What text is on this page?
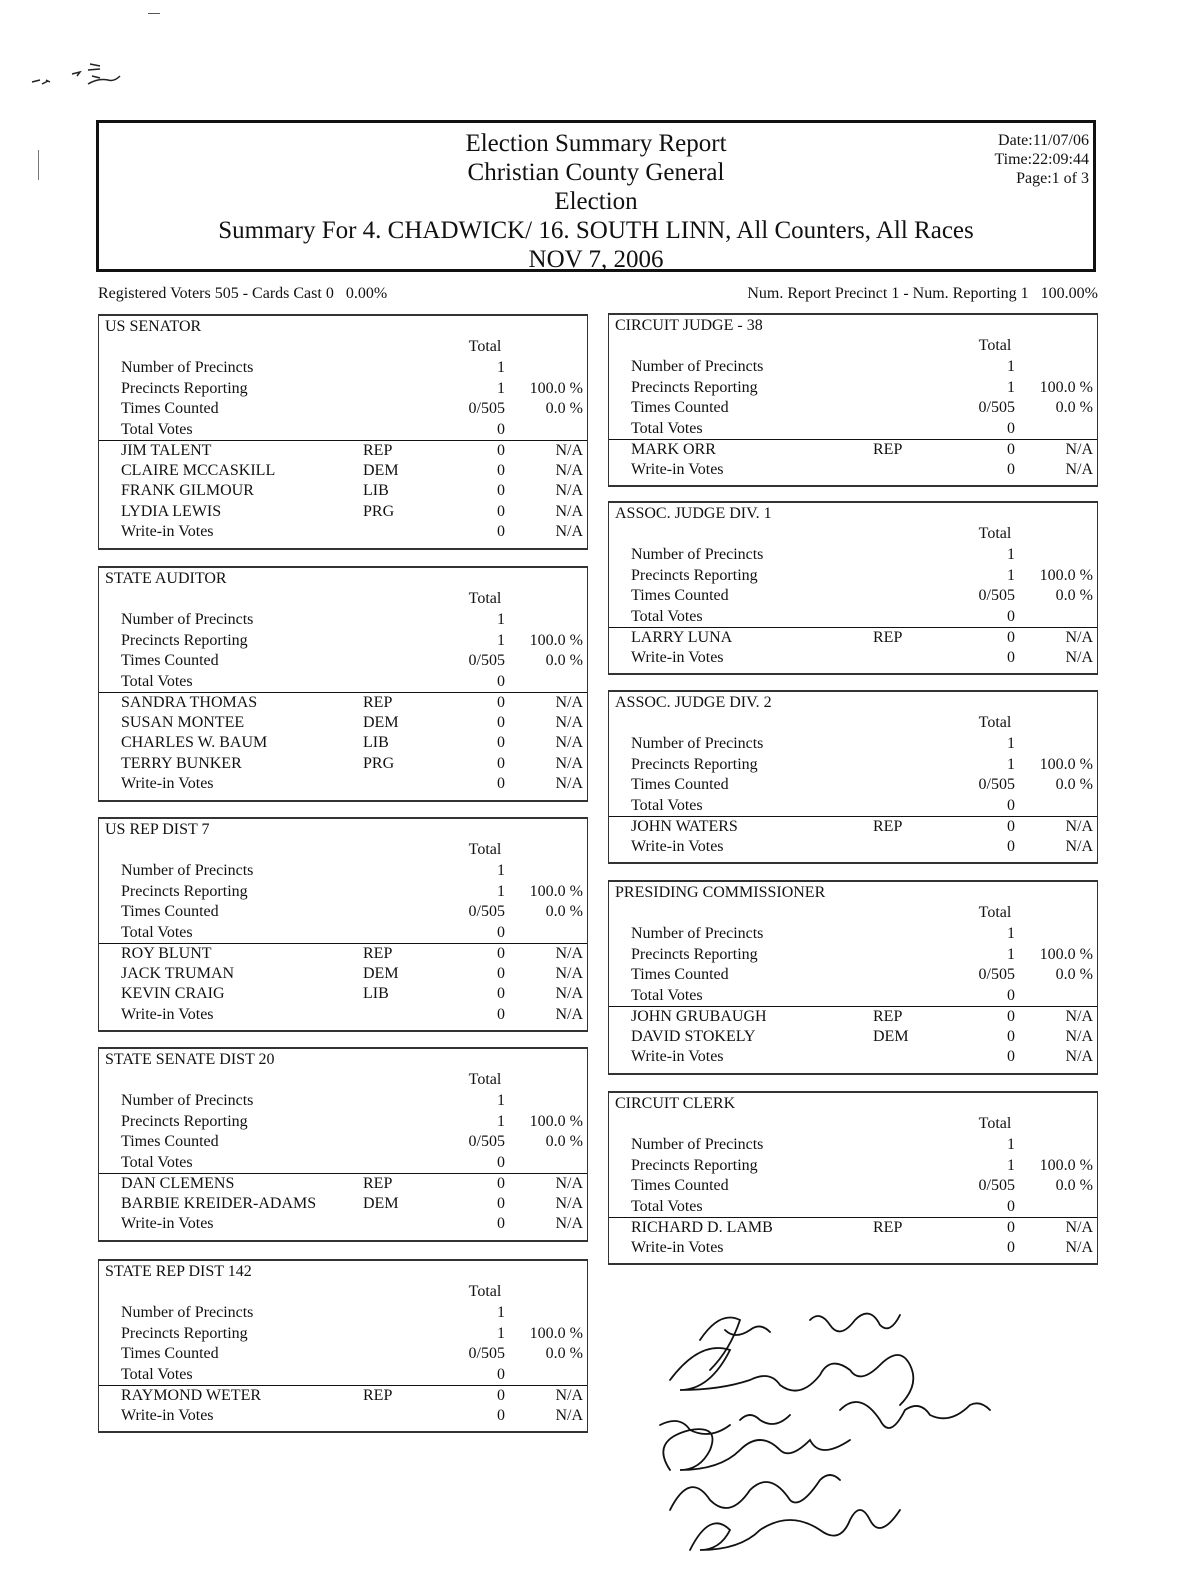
Election Summary Report
Christian County General
Election
Summary For 4. CHADWICK/ 16. SOUTH LINN, All Counters, All Races
NOV 7, 2006
Date:11/07/06
Time:22:09:44
Page:1 of 3
Registered Voters 505 - Cards Cast 0   0.00%	Num. Report Precinct 1 - Num. Reporting 1   100.00%
US SENATOR
Total
Number of Precincts	1
Precincts Reporting	1	100.0 %
Times Counted	0/505	0.0 %
Total Votes	0
JIM TALENT	REP	0	N/A
CLAIRE MCCASKILL	DEM	0	N/A
FRANK GILMOUR	LIB	0	N/A
LYDIA LEWIS	PRG	0	N/A
Write-in Votes	0	N/A
STATE AUDITOR
Total
Number of Precincts	1
Precincts Reporting	1	100.0 %
Times Counted	0/505	0.0 %
Total Votes	0
SANDRA THOMAS	REP	0	N/A
SUSAN MONTEE	DEM	0	N/A
CHARLES W. BAUM	LIB	0	N/A
TERRY BUNKER	PRG	0	N/A
Write-in Votes	0	N/A
US REP DIST 7
Total
Number of Precincts	1
Precincts Reporting	1	100.0 %
Times Counted	0/505	0.0 %
Total Votes	0
ROY BLUNT	REP	0	N/A
JACK TRUMAN	DEM	0	N/A
KEVIN CRAIG	LIB	0	N/A
Write-in Votes	0	N/A
STATE SENATE DIST 20
Total
Number of Precincts	1
Precincts Reporting	1	100.0 %
Times Counted	0/505	0.0 %
Total Votes	0
DAN CLEMENS	REP	0	N/A
BARBIE KREIDER-ADAMS	DEM	0	N/A
Write-in Votes	0	N/A
STATE REP DIST 142
Total
Number of Precincts	1
Precincts Reporting	1	100.0 %
Times Counted	0/505	0.0 %
Total Votes	0
RAYMOND WETER	REP	0	N/A
Write-in Votes	0	N/A
CIRCUIT JUDGE - 38
Total
Number of Precincts	1
Precincts Reporting	1	100.0 %
Times Counted	0/505	0.0 %
Total Votes	0
MARK ORR	REP	0	N/A
Write-in Votes	0	N/A
ASSOC. JUDGE DIV. 1
Total
Number of Precincts	1
Precincts Reporting	1	100.0 %
Times Counted	0/505	0.0 %
Total Votes	0
LARRY LUNA	REP	0	N/A
Write-in Votes	0	N/A
ASSOC. JUDGE DIV. 2
Total
Number of Precincts	1
Precincts Reporting	1	100.0 %
Times Counted	0/505	0.0 %
Total Votes	0
JOHN WATERS	REP	0	N/A
Write-in Votes	0	N/A
PRESIDING COMMISSIONER
Total
Number of Precincts	1
Precincts Reporting	1	100.0 %
Times Counted	0/505	0.0 %
Total Votes	0
JOHN GRUBAUGH	REP	0	N/A
DAVID STOKELY	DEM	0	N/A
Write-in Votes	0	N/A
CIRCUIT CLERK
Total
Number of Precincts	1
Precincts Reporting	1	100.0 %
Times Counted	0/505	0.0 %
Total Votes	0
RICHARD D. LAMB	REP	0	N/A
Write-in Votes	0	N/A
